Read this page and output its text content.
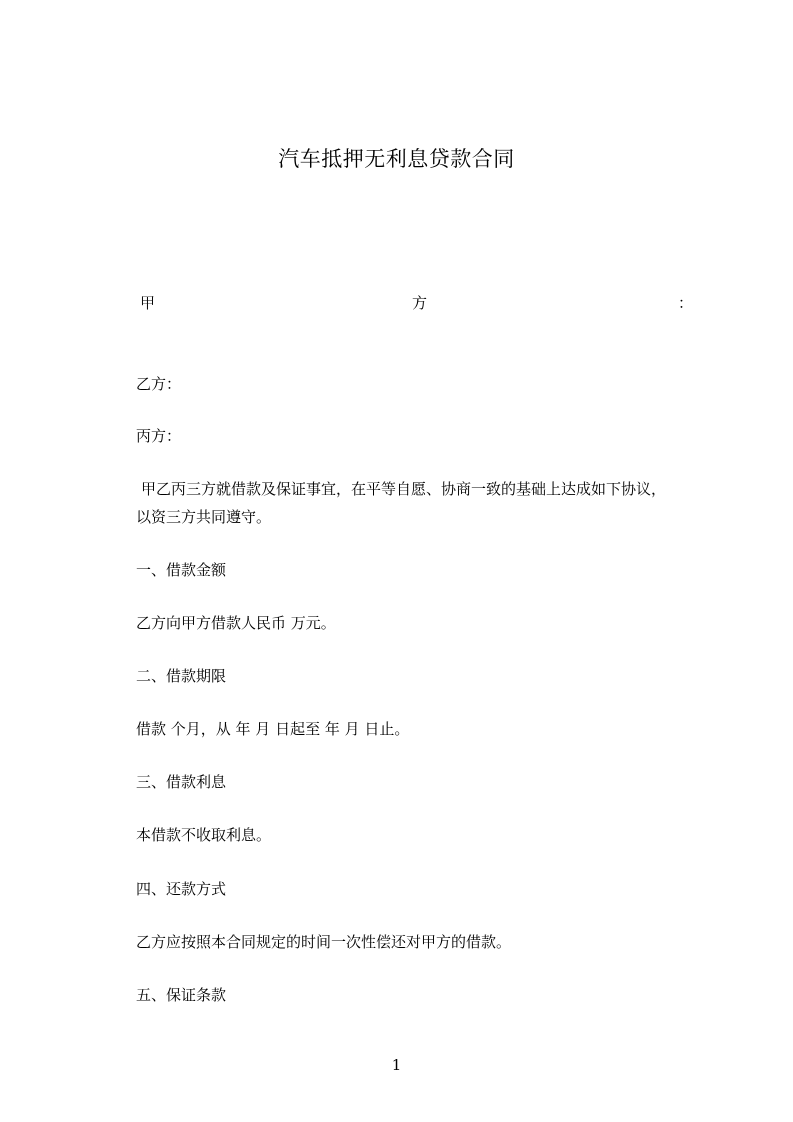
汽车抵押无利息贷款合同
甲	方	：
乙方：
丙方：
甲乙丙三方就借款及保证事宜，在平等自愿、协商一致的基础上达成如下协议，
以资三方共同遵守。
一、借款金额
乙方向甲方借款人民币 万元。
二、借款期限
借款 个月，从 年 月 日起至 年 月 日止。
三、借款利息
本借款不收取利息。
四、还款方式
乙方应按照本合同规定的时间一次性偿还对甲方的借款。
五、保证条款
1
